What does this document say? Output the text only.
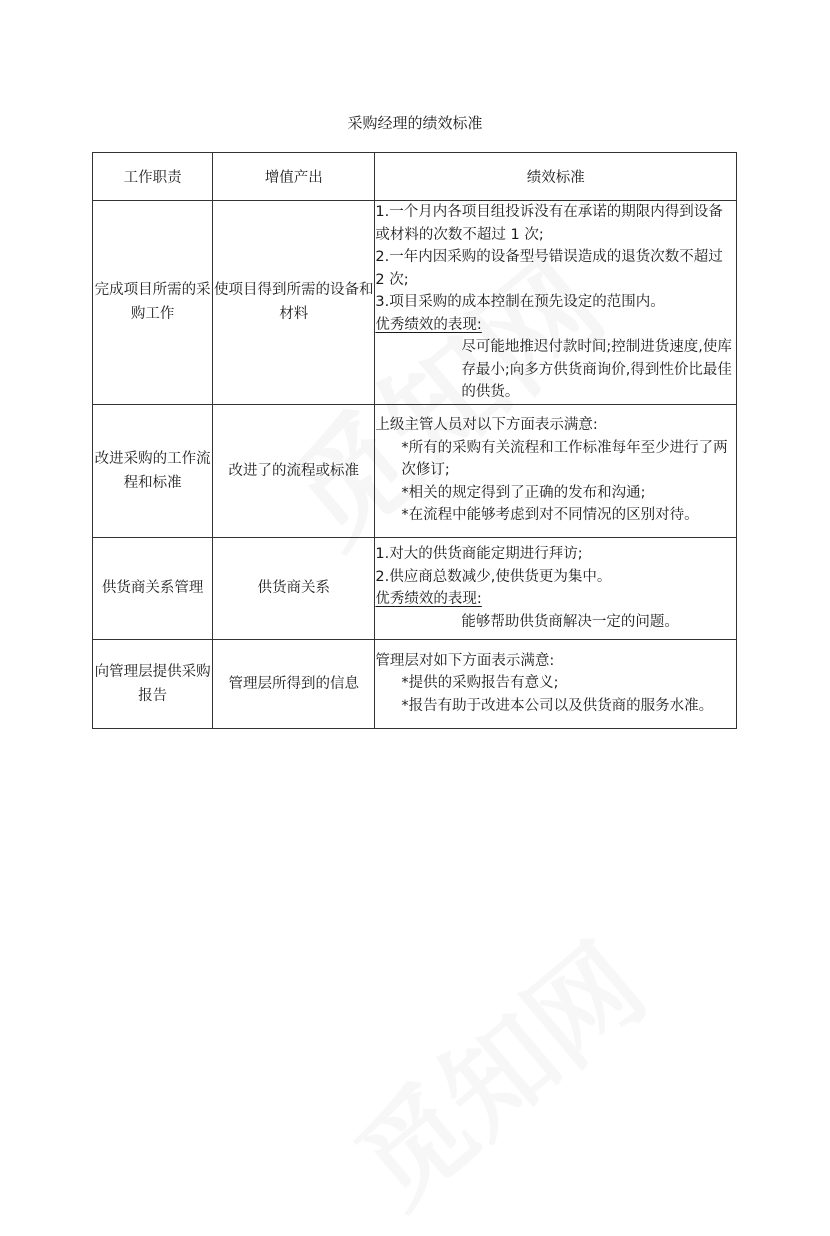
采购经理的绩效标准
工作职责	增值产出	绩效标准
完成项目所需的采购工作	使项目得到所需的设备和材料	1.一个月内各项目组投诉没有在承诺的期限内得到设备或材料的次数不超过 1 次;
2.一年内因采购的设备型号错误造成的退货次数不超过 2 次;
3.项目采购的成本控制在预先设定的范围内。
优秀绩效的表现:
尽可能地推迟付款时间;控制进货速度,使库存最小;向多方供货商询价,得到性价比最佳的供货。

改进采购的工作流程和标准	改进了的流程或标准	上级主管人员对以下方面表示满意:
*所有的采购有关流程和工作标准每年至少进行了两次修订;
*相关的规定得到了正确的发布和沟通;
*在流程中能够考虑到对不同情况的区别对待。

供货商关系管理	供货商关系	1.对大的供货商能定期进行拜访;
2.供应商总数减少,使供货更为集中。
优秀绩效的表现:
能够帮助供货商解决一定的问题。

向管理层提供采购报告	管理层所得到的信息	管理层对如下方面表示满意:
*提供的采购报告有意义;
*报告有助于改进本公司以及供货商的服务水准。
